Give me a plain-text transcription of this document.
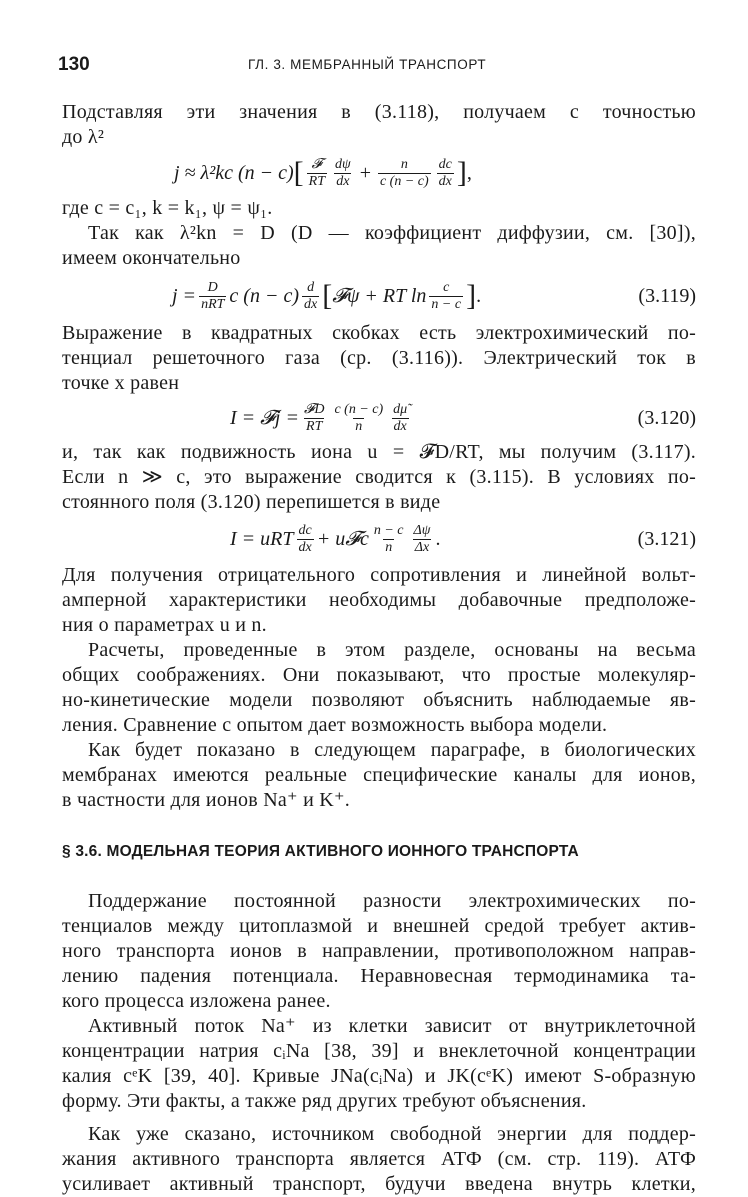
130	ГЛ. 3. МЕМБРАННЫЙ ТРАНСПОРТ

Подставляя эти значения в (3.118), получаем с точностью

до λ²

j ≈ λ²kc (n − c) [ $\frac{\text{𝓕}}{RT} \frac{d\psi}{dx} + \frac{n}{c (n - c)} \frac{dc}{dx}$ ] ,

где c = c₁, k = k₁, ψ = ψ₁.

Так как λ²kn = D (D — коэффициент диффузии, см. [30]),

имеем окончательно

$j = \frac{D}{\text{nRT}}$ c $(n - c) \frac{d}{dx}$ [ 𝓕ψ + RT $\ln \frac{c}{n - c}$ ] .	(3.119)

Выражение в квадратных скобках есть электрохимический по-

тенциал решеточного газа (ср. (3.116)). Электрический ток в

точке x равен

I = 𝓕j = $\frac{\text{𝓕D}}{RT} \frac{c (n - c)}{n} \frac{d\mũ}{dx}$	(3.120)

и, так как подвижность иона u = 𝓕D/RT, мы получим (3.117).

Если n ≫ c, это выражение сводится к (3.115). В условиях по-

стоянного поля (3.120) перепишется в виде

I = uRT $\frac{dc}{dx}$ + u𝓕c $\frac{n - c}{n} \frac{\Delta\psi}{\Delta x}$ .	(3.121)

Для получения отрицательного сопротивления и линейной вольт-

амперной характеристики необходимы добавочные предположе-

ния о параметрах u и n.

Расчеты, проведенные в этом разделе, основаны на весьма

общих соображениях. Они показывают, что простые молекуляр-

но-кинетические модели позволяют объяснить наблюдаемые яв-

ления. Сравнение с опытом дает возможность выбора модели.

Как будет показано в следующем параграфе, в биологических

мембранах имеются реальные специфические каналы для ионов,

в частности для ионов Na⁺ и K⁺.

§ 3.6. МОДЕЛЬНАЯ ТЕОРИЯ АКТИВНОГО ИОННОГО ТРАНСПОРТА

Поддержание постоянной разности электрохимических по-

тенциалов между цитоплазмой и внешней средой требует актив-

ного транспорта ионов в направлении, противоположном направ-

лению падения потенциала. Неравновесная термодинамика та-

кого процесса изложена ранее.

Активный поток Na⁺ из клетки зависит от внутриклеточной

концентрации натрия cᵢNa [38, 39] и внеклеточной концентрации

калия cᵉK [39, 40]. Кривые JNa(cᵢNa) и JK(cᵉK) имеют S-образную

форму. Эти факты, а также ряд других требуют объяснения.

Как уже сказано, источником свободной энергии для поддер-

жания активного транспорта является АТФ (см. стр. 119). АТФ

усиливает активный транспорт, будучи введена внутрь клетки,
